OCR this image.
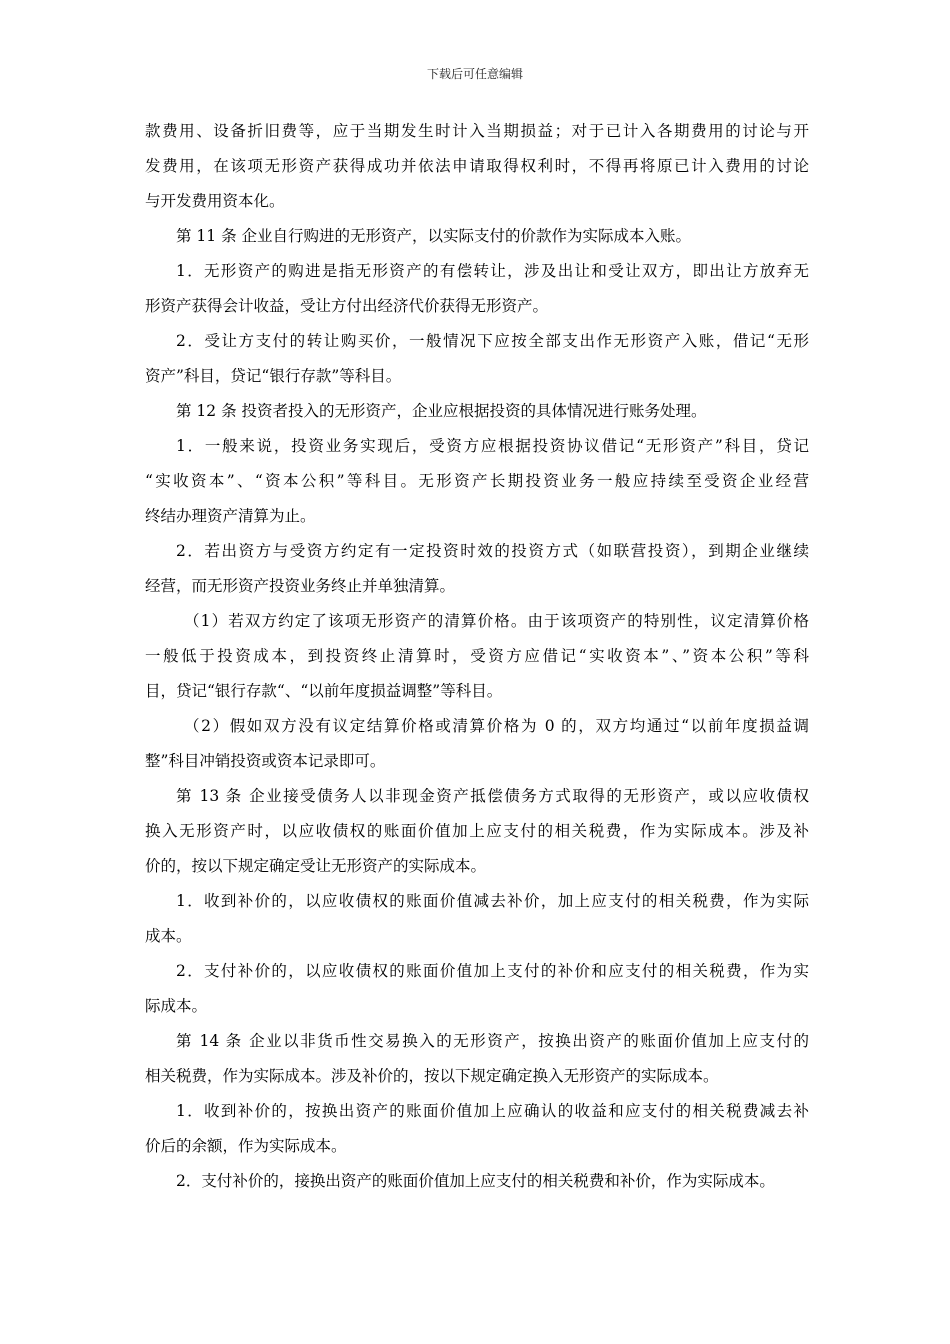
下载后可任意编辑
款费用、设备折旧费等，应于当期发生时计入当期损益；对于已计入各期费用的讨论与开
发费用，在该项无形资产获得成功并依法申请取得权利时，不得再将原已计入费用的讨论
与开发费用资本化。
第 11 条 企业自行购进的无形资产，以实际支付的价款作为实际成本入账。
1．无形资产的购进是指无形资产的有偿转让，涉及出让和受让双方，即出让方放弃无
形资产获得会计收益，受让方付出经济代价获得无形资产。
2．受让方支付的转让购买价，一般情况下应按全部支出作无形资产入账，借记“无形
资产”科目，贷记“银行存款”等科目。
第 12 条 投资者投入的无形资产，企业应根据投资的具体情况进行账务处理。
1．一般来说，投资业务实现后，受资方应根据投资协议借记“无形资产”科目，贷记
“实收资本”、“资本公积”等科目。无形资产长期投资业务一般应持续至受资企业经营
终结办理资产清算为止。
2．若出资方与受资方约定有一定投资时效的投资方式（如联营投资），到期企业继续
经营，而无形资产投资业务终止并单独清算。
（1）若双方约定了该项无形资产的清算价格。由于该项资产的特别性，议定清算价格
一般低于投资成本，到投资终止清算时，受资方应借记“实收资本”、”资本公积”等科
目，贷记“银行存款“、“以前年度损益调整”等科目。
（2）假如双方没有议定结算价格或清算价格为 0 的，双方均通过“以前年度损益调
整”科目冲销投资或资本记录即可。
第 13 条 企业接受债务人以非现金资产抵偿债务方式取得的无形资产，或以应收债权
换入无形资产时，以应收债权的账面价值加上应支付的相关税费，作为实际成本。涉及补
价的，按以下规定确定受让无形资产的实际成本。
1．收到补价的，以应收债权的账面价值减去补价，加上应支付的相关税费，作为实际
成本。
2．支付补价的，以应收债权的账面价值加上支付的补价和应支付的相关税费，作为实
际成本。
第 14 条 企业以非货币性交易换入的无形资产，按换出资产的账面价值加上应支付的
相关税费，作为实际成本。涉及补价的，按以下规定确定换入无形资产的实际成本。
1．收到补价的，按换出资产的账面价值加上应确认的收益和应支付的相关税费减去补
价后的余额，作为实际成本。
2．支付补价的，接换出资产的账面价值加上应支付的相关税费和补价，作为实际成本。
